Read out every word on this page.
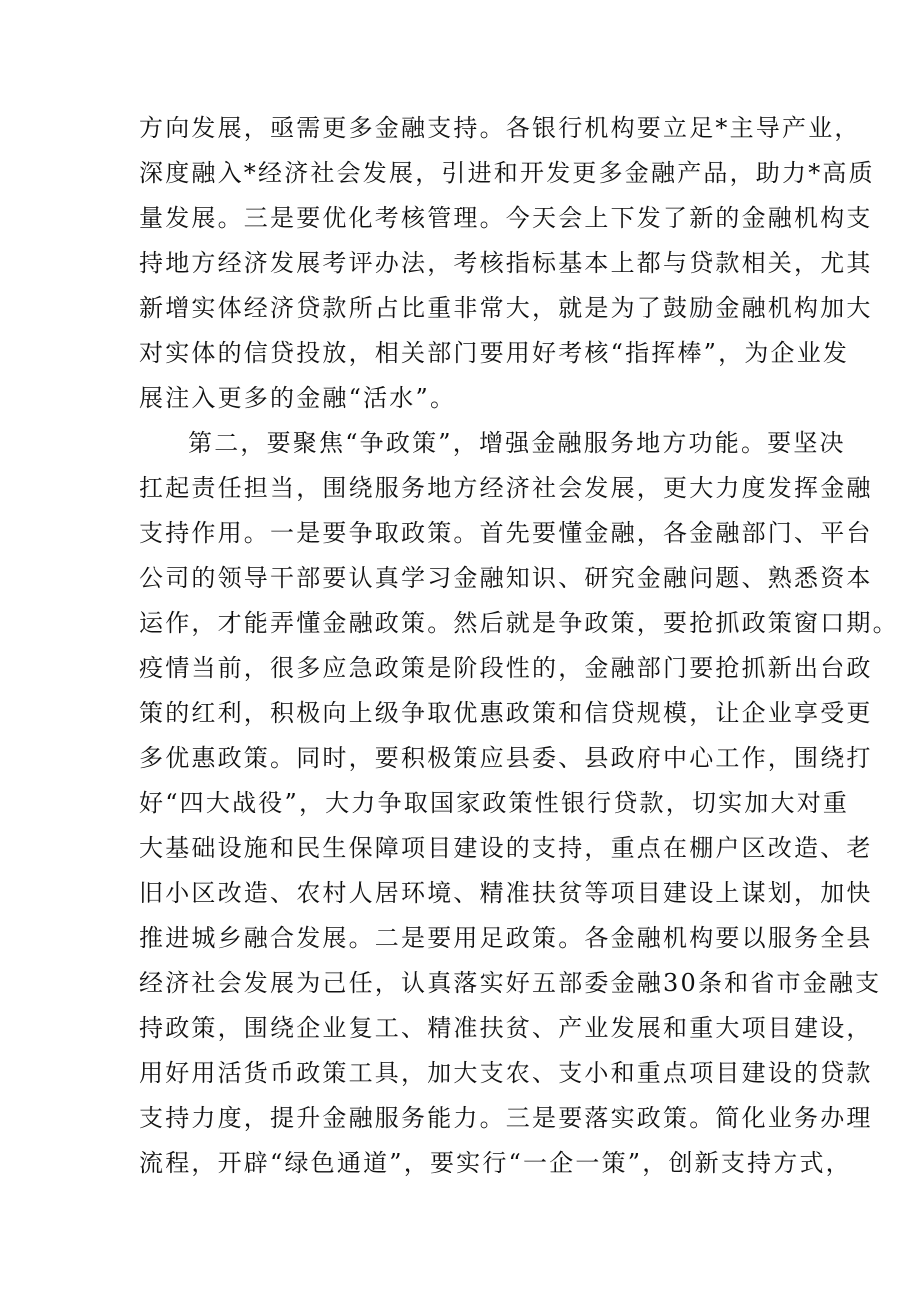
方向发展，亟需更多金融支持。各银行机构要立足*主导产业，
深度融入*经济社会发展，引进和开发更多金融产品，助力*高质
量发展。三是要优化考核管理。今天会上下发了新的金融机构支
持地方经济发展考评办法，考核指标基本上都与贷款相关，尤其
新增实体经济贷款所占比重非常大，就是为了鼓励金融机构加大
对实体的信贷投放，相关部门要用好考核“指挥棒”，为企业发
展注入更多的金融“活水”。
第二，要聚焦“争政策”，增强金融服务地方功能。要坚决
扛起责任担当，围绕服务地方经济社会发展，更大力度发挥金融
支持作用。一是要争取政策。首先要懂金融，各金融部门、平台
公司的领导干部要认真学习金融知识、研究金融问题、熟悉资本
运作，才能弄懂金融政策。然后就是争政策，要抢抓政策窗口期。
疫情当前，很多应急政策是阶段性的，金融部门要抢抓新出台政
策的红利，积极向上级争取优惠政策和信贷规模，让企业享受更
多优惠政策。同时，要积极策应县委、县政府中心工作，围绕打
好“四大战役”，大力争取国家政策性银行贷款，切实加大对重
大基础设施和民生保障项目建设的支持，重点在棚户区改造、老
旧小区改造、农村人居环境、精准扶贫等项目建设上谋划，加快
推进城乡融合发展。二是要用足政策。各金融机构要以服务全县
经济社会发展为己任，认真落实好五部委金融30条和省市金融支
持政策，围绕企业复工、精准扶贫、产业发展和重大项目建设，
用好用活货币政策工具，加大支农、支小和重点项目建设的贷款
支持力度，提升金融服务能力。三是要落实政策。简化业务办理
流程，开辟“绿色通道”，要实行“一企一策”，创新支持方式，
